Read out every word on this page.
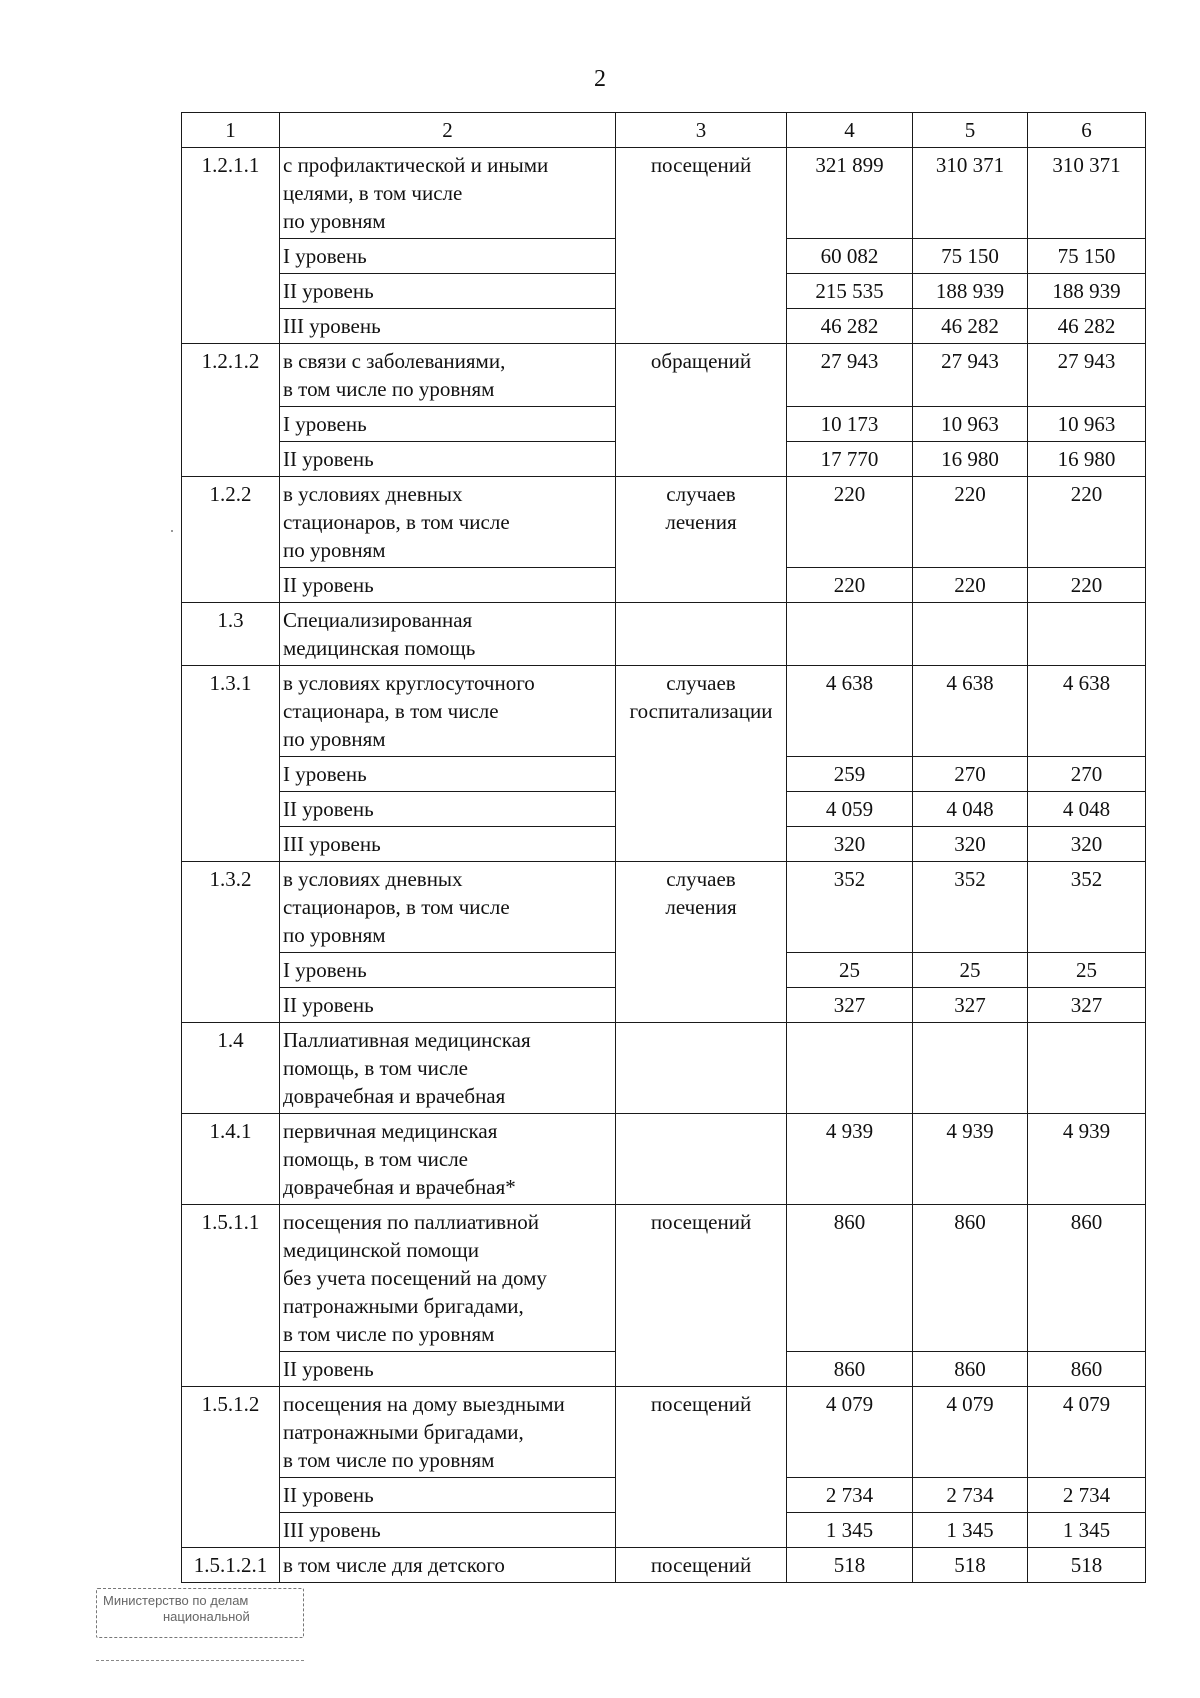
2
1	2	3	4	5	6
1.2.1.1	с профилактической и иными
целями, в том числе
по уровням	посещений	321 899	310 371	310 371
	I уровень		60 082	75 150	75 150
	II уровень		215 535	188 939	188 939
	III уровень		46 282	46 282	46 282
1.2.1.2	в связи с заболеваниями,
в том числе по уровням	обращений	27 943	27 943	27 943
	I уровень		10 173	10 963	10 963
	II уровень		17 770	16 980	16 980
1.2.2	в условиях дневных
стационаров, в том числе
по уровням	случаев
лечения	220	220	220
	II уровень		220	220	220
1.3	Специализированная
медицинская помощь				
1.3.1	в условиях круглосуточного
стационара, в том числе
по уровням	случаев
госпитализации	4 638	4 638	4 638
	I уровень		259	270	270
	II уровень		4 059	4 048	4 048
	III уровень		320	320	320
1.3.2	в условиях дневных
стационаров, в том числе
по уровням	случаев
лечения	352	352	352
	I уровень		25	25	25
	II уровень		327	327	327
1.4	Паллиативная медицинская
помощь, в том числе
доврачебная и врачебная				
1.4.1	первичная медицинская
помощь, в том числе
доврачебная и врачебная*		4 939	4 939	4 939
1.5.1.1	посещения по паллиативной
медицинской помощи
без учета посещений на дому
патронажными бригадами,
в том числе по уровням	посещений	860	860	860
	II уровень		860	860	860
1.5.1.2	посещения на дому выездными
патронажными бригадами,
в том числе по уровням	посещений	4 079	4 079	4 079
	II уровень		2 734	2 734	2 734
	III уровень		1 345	1 345	1 345
1.5.1.2.1	в том числе для детского	посещений	518	518	518
Министерство по делам
национальной
